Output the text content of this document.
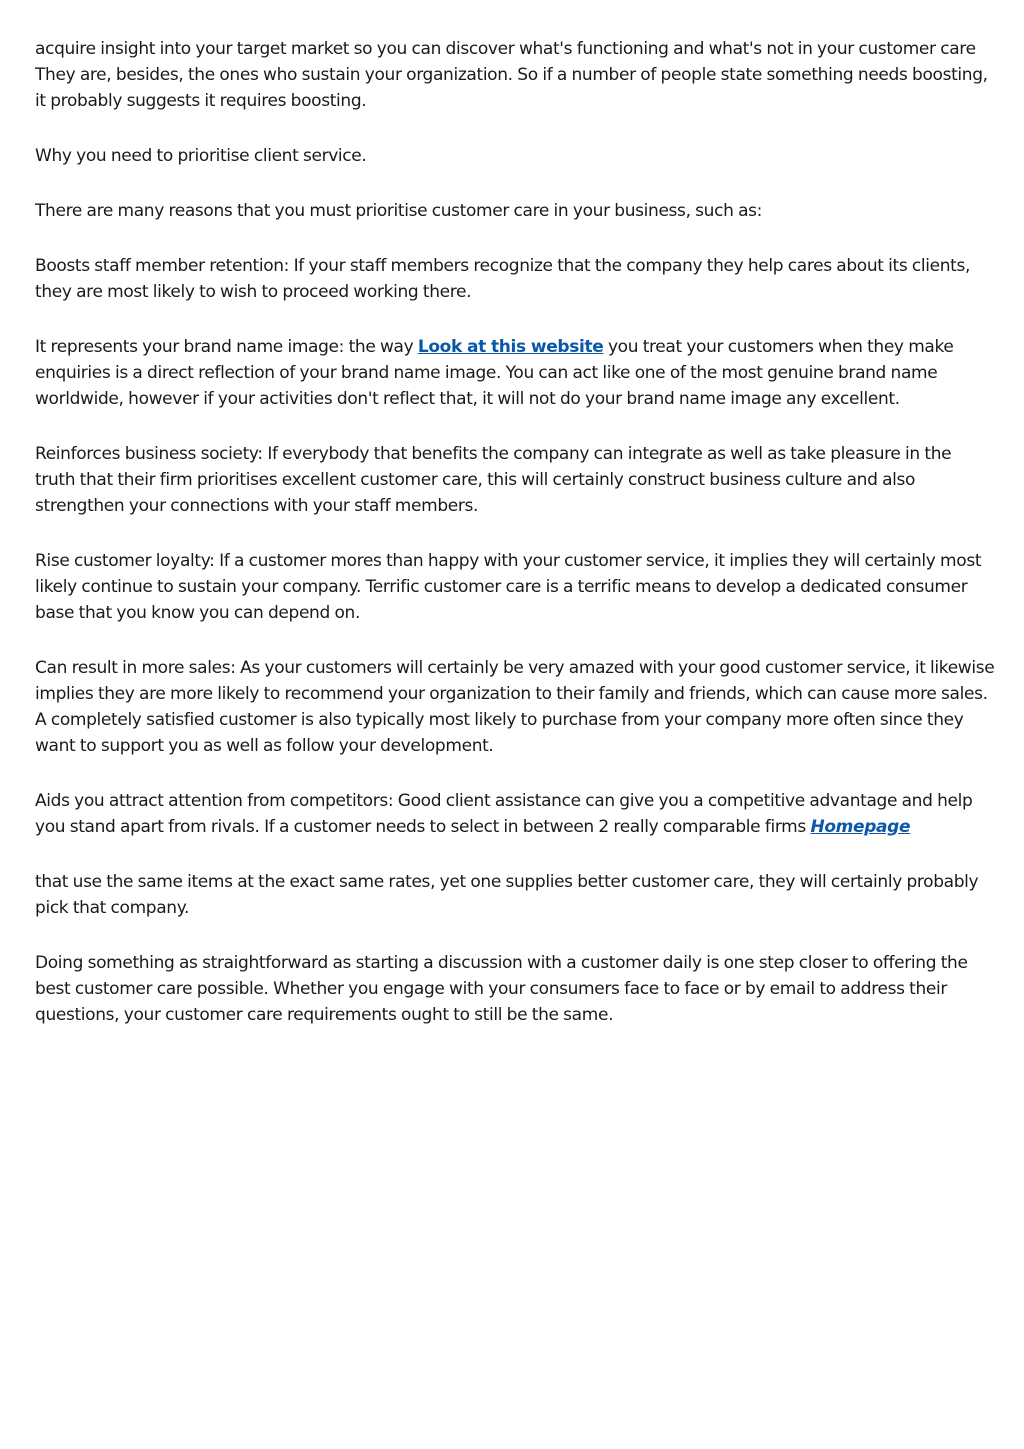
acquire insight into your target market so you can discover what's functioning and what's not in your customer care They are, besides, the ones who sustain your organization. So if a number of people state something needs boosting, it probably suggests it requires boosting.

Why you need to prioritise client service.

There are many reasons that you must prioritise customer care in your business, such as:

Boosts staff member retention: If your staff members recognize that the company they help cares about its clients, they are most likely to wish to proceed working there.

It represents your brand name image: the way Look at this website you treat your customers when they make enquiries is a direct reflection of your brand name image. You can act like one of the most genuine brand name worldwide, however if your activities don't reflect that, it will not do your brand name image any excellent.

Reinforces business society: If everybody that benefits the company can integrate as well as take pleasure in the truth that their firm prioritises excellent customer care, this will certainly construct business culture and also strengthen your connections with your staff members.

Rise customer loyalty: If a customer mores than happy with your customer service, it implies they will certainly most likely continue to sustain your company. Terrific customer care is a terrific means to develop a dedicated consumer base that you know you can depend on.

Can result in more sales: As your customers will certainly be very amazed with your good customer service, it likewise implies they are more likely to recommend your organization to their family and friends, which can cause more sales. A completely satisfied customer is also typically most likely to purchase from your company more often since they want to support you as well as follow your development.

Aids you attract attention from competitors: Good client assistance can give you a competitive advantage and help you stand apart from rivals. If a customer needs to select in between 2 really comparable firms Homepage

that use the same items at the exact same rates, yet one supplies better customer care, they will certainly probably pick that company.

Doing something as straightforward as starting a discussion with a customer daily is one step closer to offering the best customer care possible. Whether you engage with your consumers face to face or by email to address their questions, your customer care requirements ought to still be the same.
